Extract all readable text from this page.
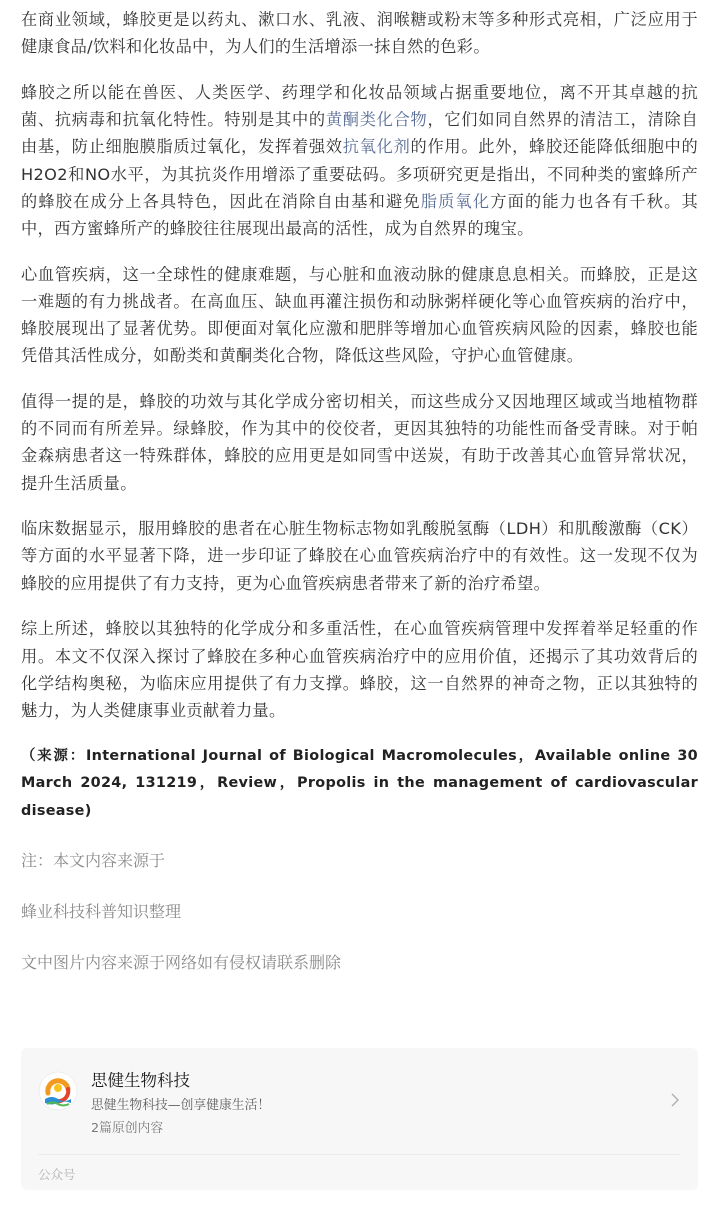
在商业领域，蜂胶更是以药丸、漱口水、乳液、润喉糖或粉末等多种形式亮相，广泛应用于健康食品/饮料和化妆品中，为人们的生活增添一抹自然的色彩。

蜂胶之所以能在兽医、人类医学、药理学和化妆品领域占据重要地位，离不开其卓越的抗菌、抗病毒和抗氧化特性。特别是其中的黄酮类化合物，它们如同自然界的清洁工，清除自由基，防止细胞膜脂质过氧化，发挥着强效抗氧化剂的作用。此外，蜂胶还能降低细胞中的H2O2和NO水平，为其抗炎作用增添了重要砝码。多项研究更是指出，不同种类的蜜蜂所产的蜂胶在成分上各具特色，因此在消除自由基和避免脂质氧化方面的能力也各有千秋。其中，西方蜜蜂所产的蜂胶往往展现出最高的活性，成为自然界的瑰宝。

心血管疾病，这一全球性的健康难题，与心脏和血液动脉的健康息息相关。而蜂胶，正是这一难题的有力挑战者。在高血压、缺血再灌注损伤和动脉粥样硬化等心血管疾病的治疗中，蜂胶展现出了显著优势。即便面对氧化应激和肥胖等增加心血管疾病风险的因素，蜂胶也能凭借其活性成分，如酚类和黄酮类化合物，降低这些风险，守护心血管健康。

值得一提的是，蜂胶的功效与其化学成分密切相关，而这些成分又因地理区域或当地植物群的不同而有所差异。绿蜂胶，作为其中的佼佼者，更因其独特的功能性而备受青睐。对于帕金森病患者这一特殊群体，蜂胶的应用更是如同雪中送炭，有助于改善其心血管异常状况，提升生活质量。

临床数据显示，服用蜂胶的患者在心脏生物标志物如乳酸脱氢酶（LDH）和肌酸激酶（CK）等方面的水平显著下降，进一步印证了蜂胶在心血管疾病治疗中的有效性。这一发现不仅为蜂胶的应用提供了有力支持，更为心血管疾病患者带来了新的治疗希望。

综上所述，蜂胶以其独特的化学成分和多重活性，在心血管疾病管理中发挥着举足轻重的作用。本文不仅深入探讨了蜂胶在多种心血管疾病治疗中的应用价值，还揭示了其功效背后的化学结构奥秘，为临床应用提供了有力支撑。蜂胶，这一自然界的神奇之物，正以其独特的魅力，为人类健康事业贡献着力量。

（来源：International Journal of Biological Macromolecules，Available online 30 March 2024, 131219，Review，Propolis in the management of cardiovascular disease)

注：本文内容来源于

蜂业科技科普知识整理

文中图片内容来源于网络如有侵权请联系删除

思健生物科技
思健生物科技—创享健康生活！
2篇原创内容
公众号
